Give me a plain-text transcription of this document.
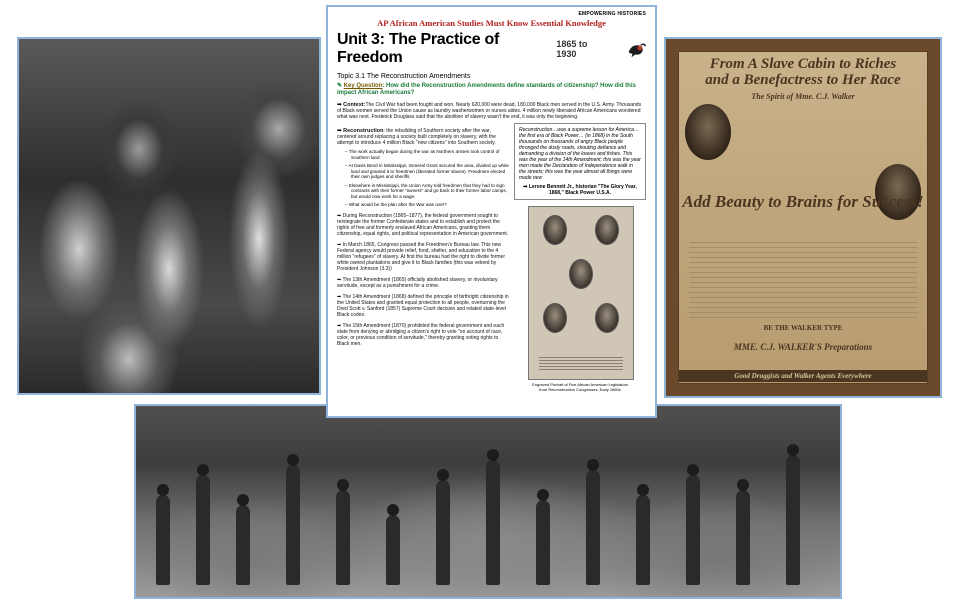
From A Slave Cabin to Riches
and a Benefactress to Her Race
The Spirit of Mme. C.J. Walker
Add Beauty to Brains for Success!
BE THE WALKER TYPE
MME. C.J. WALKER'S Preparations
Good Druggists and Walker Agents Everywhere
EMPOWERING HISTORIES
AP African American Studies Must Know Essential Knowledge
Unit 3: The Practice of Freedom
1865 to 1930
Topic 3.1 The Reconstruction Amendments
✎ Key Question: How did the Reconstruction Amendments define standards of citizenship? How did this impact African Americans?
➡ Context:The Civil War had been fought and won. Nearly 620,000 were dead, 180,000 Black men served in the U.S. Army. Thousands of Black women served the Union cause as laundry washerwomen or nurses aides. 4 million newly liberated African Americans wondered what was next. Frederick Douglass said that the abolition of slavery wasn't the end, it was only the beginning.
➡ Reconstruction: the rebuilding of Southern society after the war, centered around replacing a society built completely on slavery, with the attempt to introduce 4 million Black "new citizens" into Southern society.
– The work actually began during the war as Northern armies took control of Southern land
– At Davis Bend in Mississippi, General Grant secured the area, divided up white land and granted it to freedmen (liberated former slaves). Freedmen elected their own judges and sheriffs
– Elsewhere in Mississippi, the Union Army told freedmen that they had to sign contracts with their former "owners" and go back to their former labor camps, but would now work for a wage.
– What would be the plan after the War was over?
➡ During Reconstruction (1865–1877), the federal government sought to reintegrate the former Confederate states and to establish and protect the rights of free and formerly enslaved African Americans, granting them citizenship, equal rights, and political representation in American government.
➡ In March 1865, Congress passed the Freedmen's Bureau law. This new Federal agency would provide relief, food, shelter, and education to the 4 million "refugees" of slavery. At first the bureau had the right to divide former white owned plantations and give it to Black families (this was vetoed by President Johnson (3.3))
➡ The 13th Amendment (1865) officially abolished slavery, or involuntary servitude, except as a punishment for a crime.
➡ The 14th Amendment (1868) defined the principle of birthright citizenship in the United States and granted equal protection to all people, overturning the Dred Scott v. Sanford (1857) Supreme Court decision and related state-level Black codes.
➡ The 15th Amendment (1870) prohibited the federal government and each state from denying or abridging a citizen's right to vote "on account of race, color, or previous condition of servitude," thereby granting voting rights to Black men.
Reconstruction…was a supreme lesson for America…the first era of Black Power… (in 1868) in the South thousands on thousands of angry Black people thronged the dusty roads, shouting defiance and demanding a division of the loaves and fishes. This was the year of the 14th Amendment; this was the year men made the Declaration of Independence walk in the streets; this was the year almost all things were made new
➡ Lerone Bennett Jr., historian "The Glory Year, 1868," Black Power U.S.A.
Engraved Portrait of Five African American Legislators from Reconstruction Congresses, Early 1880s
